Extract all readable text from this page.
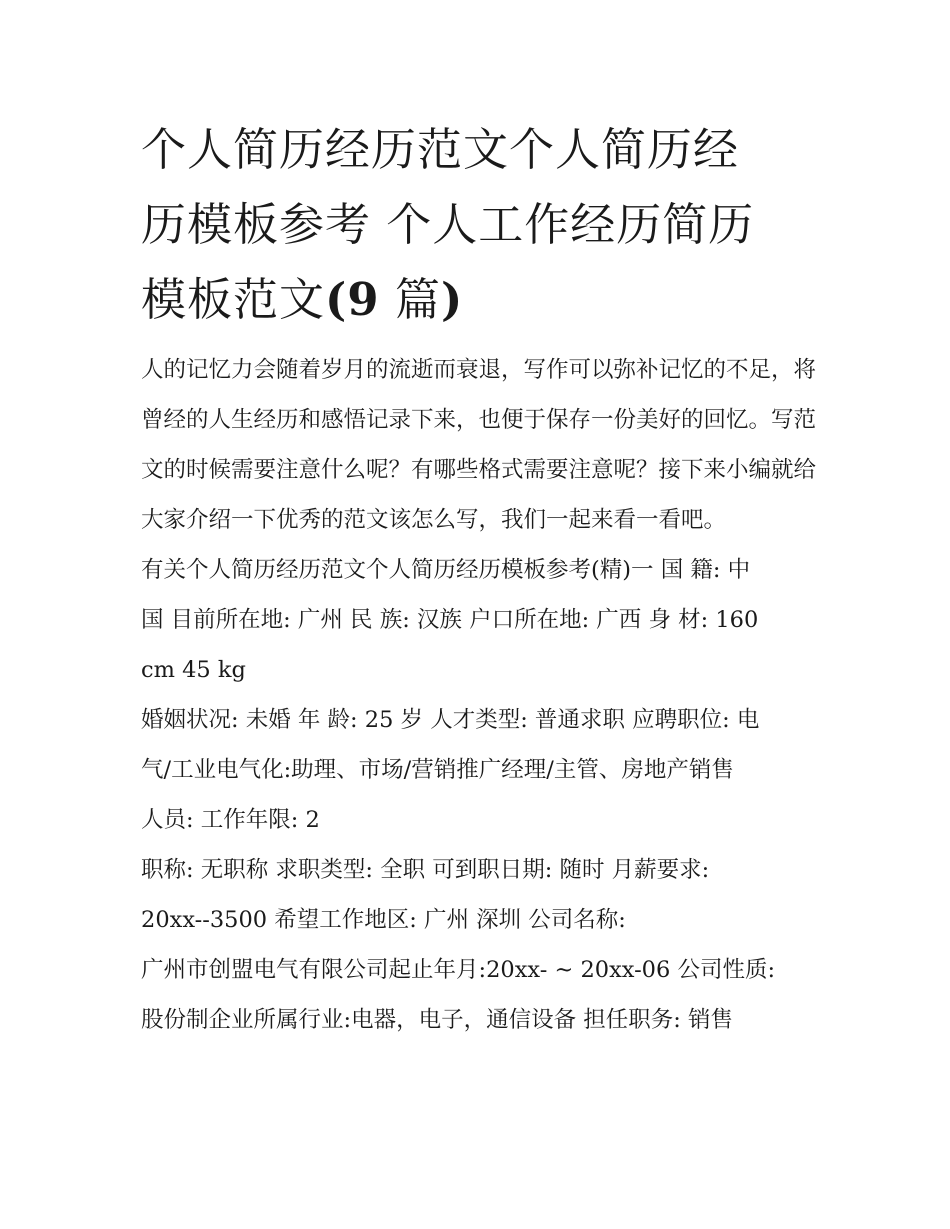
个人简历经历范文个人简历经
历模板参考 个人工作经历简历
模板范文(9 篇)

人的记忆力会随着岁月的流逝而衰退，写作可以弥补记忆的不足，将曾经的人生经历和感悟记录下来，也便于保存一份美好的回忆。写范文的时候需要注意什么呢？有哪些格式需要注意呢？接下来小编就给大家介绍一下优秀的范文该怎么写，我们一起来看一看吧。

有关个人简历经历范文个人简历经历模板参考(精)一 国 籍: 中
国 目前所在地: 广州 民 族: 汉族 户口所在地: 广西 身 材: 160
cm 45 kg

婚姻状况: 未婚 年 龄: 25 岁 人才类型: 普通求职 应聘职位: 电
气/工业电气化:助理、市场/营销推广经理/主管、房地产销售
人员: 工作年限: 2

职称: 无职称 求职类型: 全职 可到职日期: 随时 月薪要求:
20xx--3500 希望工作地区: 广州 深圳 公司名称:

广州市创盟电气有限公司起止年月:20xx- ~ 20xx-06 公司性质:
股份制企业所属行业:电器，电子，通信设备 担任职务: 销售
